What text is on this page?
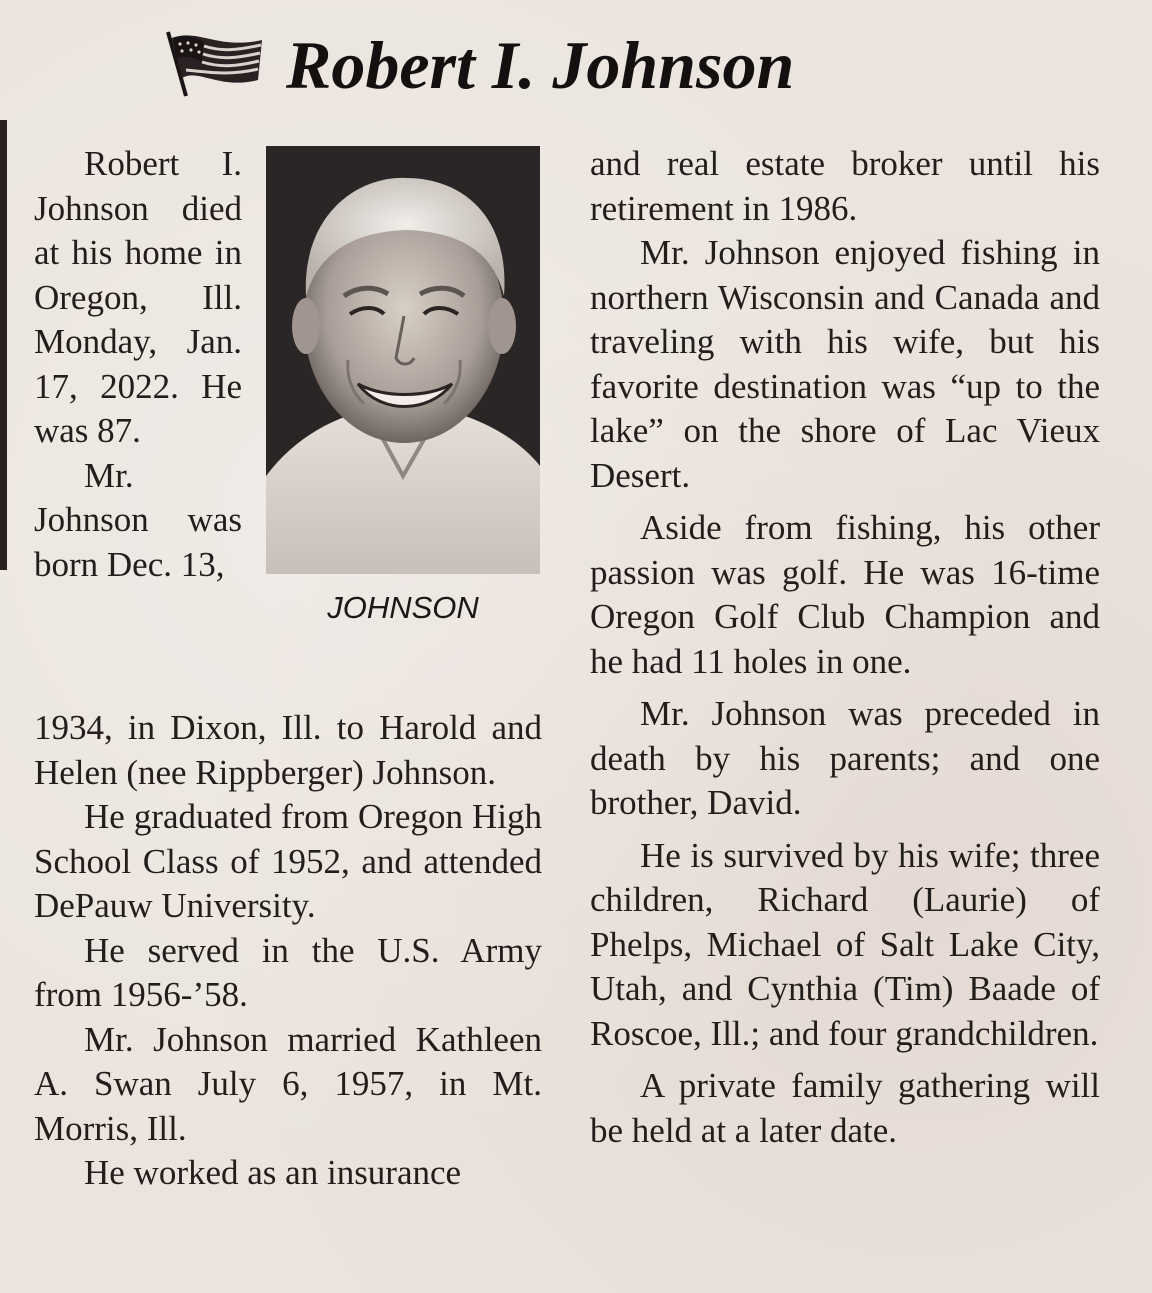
Robert I. Johnson

Robert I. Johnson died at his home in Oregon, Ill. Monday, Jan. 17, 2022. He was 87.

Mr. Johnson was born Dec. 13,

JOHNSON

1934, in Dixon, Ill. to Harold and Helen (nee Rippberger) Johnson.

He graduated from Oregon High School Class of 1952, and attended DePauw University.

He served in the U.S. Army from 1956-’58.

Mr. Johnson married Kathleen A. Swan July 6, 1957, in Mt. Morris, Ill.

He worked as an insurance

and real estate broker until his retirement in 1986.

Mr. Johnson enjoyed fishing in northern Wisconsin and Canada and traveling with his wife, but his favorite destination was “up to the lake” on the shore of Lac Vieux Desert.

Aside from fishing, his other passion was golf. He was 16-time Oregon Golf Club Champion and he had 11 holes in one.

Mr. Johnson was preceded in death by his parents; and one brother, David.

He is survived by his wife; three children, Richard (Laurie) of Phelps, Michael of Salt Lake City, Utah, and Cynthia (Tim) Baade of Roscoe, Ill.; and four grandchildren.

A private family gathering will be held at a later date.
